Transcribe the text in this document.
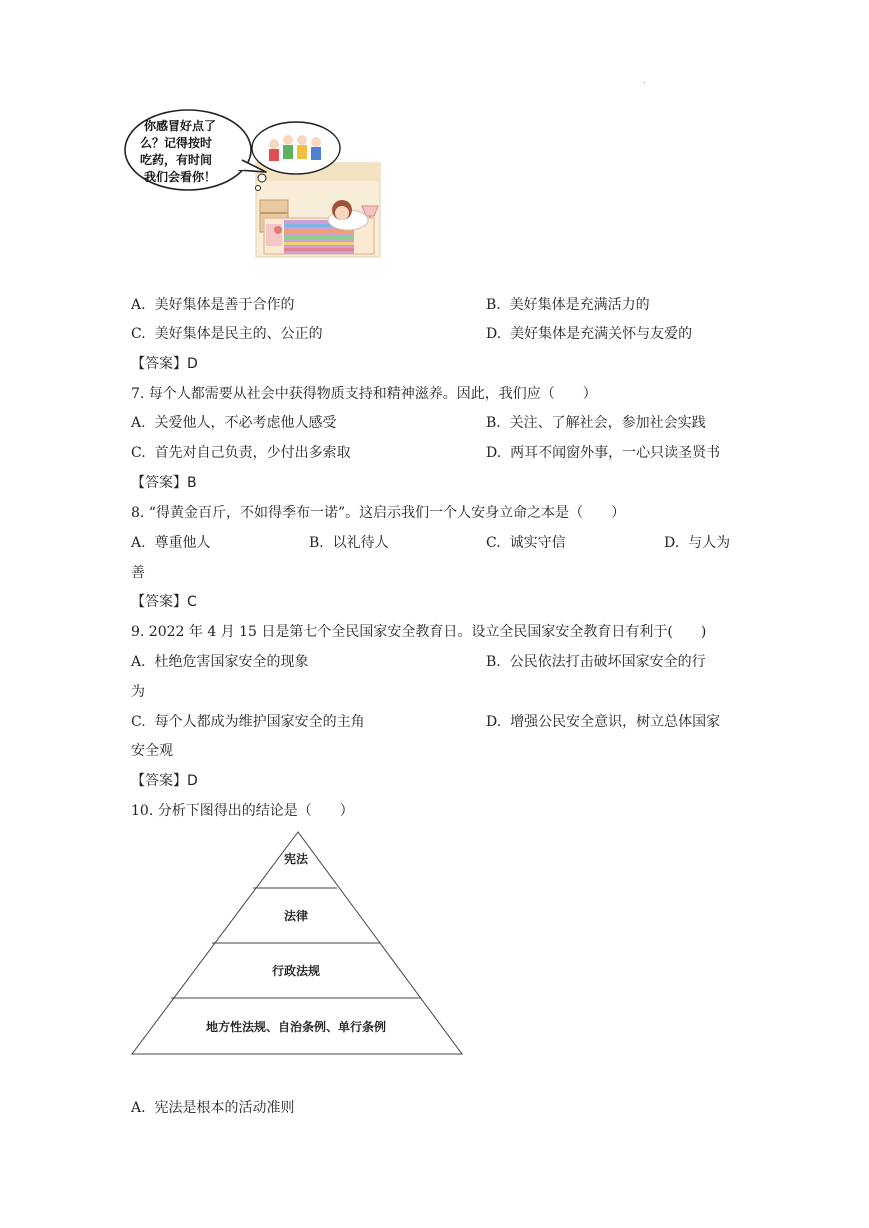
.
你感冒好点了
么？记得按时
吃药，有时间
我们会看你！
A. 美好集体是善于合作的	B. 美好集体是充满活力的
C. 美好集体是民主的、公正的	D. 美好集体是充满关怀与友爱的
【答案】D
7. 每个人都需要从社会中获得物质支持和精神滋养。因此，我们应（　　）
A. 关爱他人，不必考虑他人感受	B. 关注、了解社会，参加社会实践
C. 首先对自己负责，少付出多索取	D. 两耳不闻窗外事，一心只读圣贤书
【答案】B
8. “得黄金百斤，不如得季布一诺”。这启示我们一个人安身立命之本是（　　）
A. 尊重他人	B. 以礼待人	C. 诚实守信	D. 与人为
善
【答案】C
9. 2022 年 4 月 15 日是第七个全民国家安全教育日。设立全民国家安全教育日有利于(　　)
A. 杜绝危害国家安全的现象	B. 公民依法打击破坏国家安全的行
为
C. 每个人都成为维护国家安全的主角	D. 增强公民安全意识，树立总体国家
安全观
【答案】D
10. 分析下图得出的结论是（　　）
宪法
法律
行政法规
地方性法规、自治条例、单行条例
A. 宪法是根本的活动准则
